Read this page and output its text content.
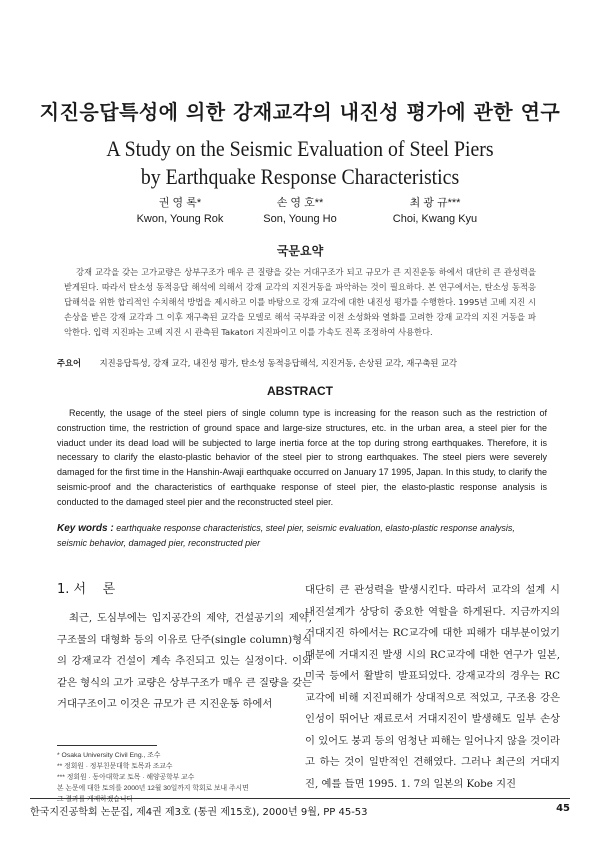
지진응답특성에 의한 강재교각의 내진성 평가에 관한 연구
A Study on the Seismic Evaluation of Steel Piers
by Earthquake Response Characteristics
권 영 록*
Kwon, Young Rok
손 영 호**
Son, Young Ho
최 광 규***
Choi, Kwang Kyu
국문요약
강재 교각을 갖는 고가교량은 상부구조가 매우 큰 질량을 갖는 거대구조가 되고 규모가 큰 지진운동 하에서 대단히 큰 관성력을 받게된다. 따라서 탄소성 동적응답 해석에 의해서 강재 교각의 지진거동을 파악하는 것이 필요하다. 본 연구에서는, 탄소성 동적응답해석을 위한 합리적인 수치해석 방법을 제시하고 이를 바탕으로 강재 교각에 대한 내진성 평가를 수행한다. 1995년 고베 지진 시 손상을 받은 강재 교각과 그 이후 재구축된 교각을 모델로 해석 국부좌굴 이전 소성화와 열화를 고려한 강재 교각의 지진 거동을 파악한다. 입력 지진파는 고베 지진 시 관측된 Takatori 지진파이고 이를 가속도 진폭 조정하여 사용한다.
주요어 지진응답특성, 강재 교각, 내진성 평가, 탄소성 동적응답해석, 지진거동, 손상된 교각, 재구축된 교각
ABSTRACT
Recently, the usage of the steel piers of single column type is increasing for the reason such as the restriction of construction time, the restriction of ground space and large-size structures, etc. in the urban area, a steel pier for the viaduct under its dead load will be subjected to large inertia force at the top during strong earthquakes. Therefore, it is necessary to clarify the elasto-plastic behavior of the steel pier to strong earthquakes. The steel piers were severely damaged for the first time in the Hanshin-Awaji earthquake occurred on January 17 1995, Japan. In this study, to clarify the seismic-proof and the characteristics of earthquake response of steel pier, the elasto-plastic response analysis is conducted to the damaged steel pier and the reconstructed steel pier.
Key words : earthquake response characteristics, steel pier, seismic evaluation, elasto-plastic response analysis, seismic behavior, damaged pier, reconstructed pier
1. 서    론
최근, 도심부에는 입지공간의 제약, 건설공기의 제약, 구조물의 대형화 등의 이유로 단주(single column)형식의 강재교각 건설이 계속 추진되고 있는 실정이다. 이와 같은 형식의 고가 교량은 상부구조가 매우 큰 질량을 갖는 거대구조이고 이것은 규모가 큰 지진운동 하에서
대단히 큰 관성력을 발생시킨다. 따라서 교각의 설계 시 내진설계가 상당히 중요한 역할을 하게된다. 지금까지의 거대지진 하에서는 RC교각에 대한 피해가 대부분이었기 때문에 거대지진 발생 시의 RC교각에 대한 연구가 일본, 미국 등에서 활발히 발표되었다. 강재교각의 경우는 RC교각에 비해 지진피해가 상대적으로 적었고, 구조용 강은 인성이 뛰어난 재료로서 거대지진이 발생해도 일부 손상이 있어도 붕괴 등의 엄청난 피해는 일어나지 않을 것이라고 하는 것이 일반적인 견해였다. 그러나 최근의 거대지진, 예를 들면 1995. 1. 7의 일본의 Kobe 지진
* Osaka University Civil Eng., 조수
** 정회원 · 정부친문대학 토목과 조교수
*** 정회원 · 동아대학교 토목 · 해양공학부 교수
본 논문에 대한 토의를 2000년 12월 30일까지 학회로 보내 주시면
그 결과를 게재하겠습니다
한국지진공학회 논문집, 제4권 제3호 (통권 제15호), 2000년 9월, PP 45-53	45
